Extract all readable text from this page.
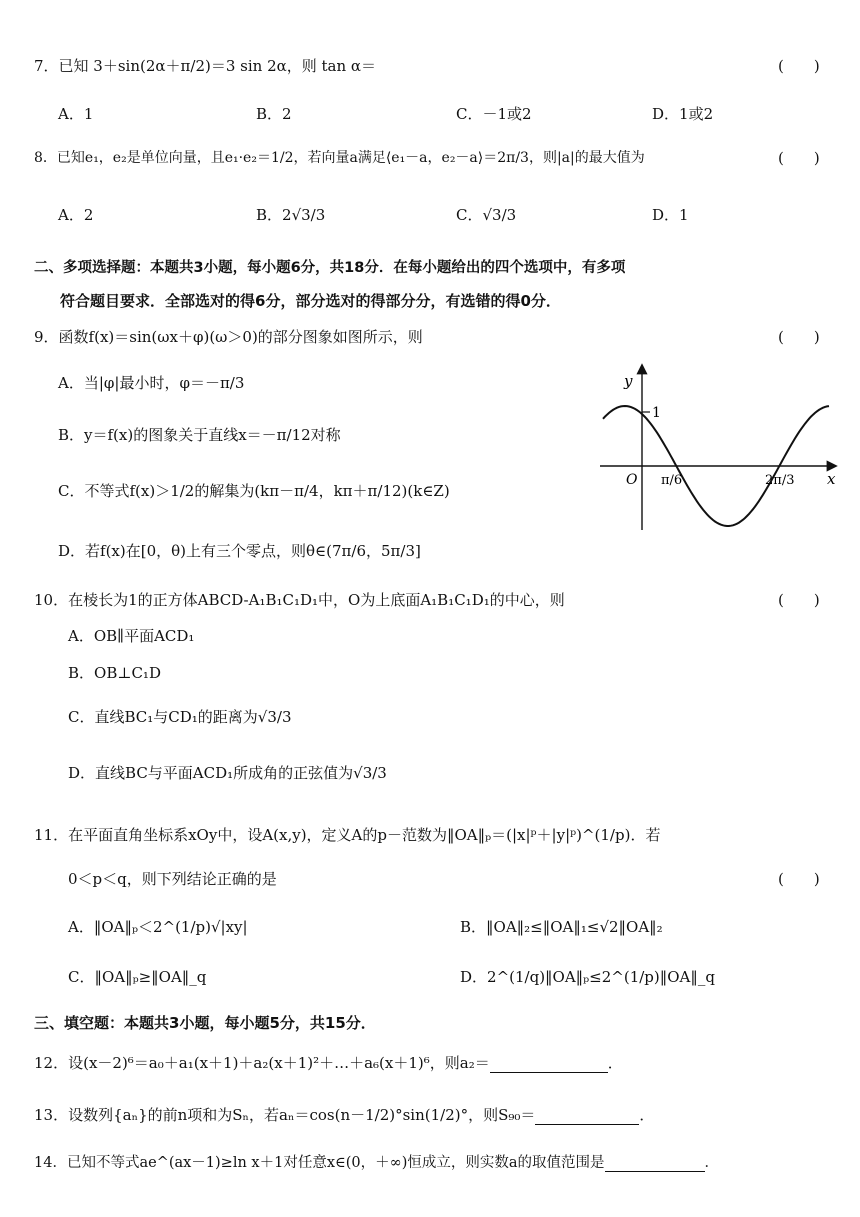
7．已知 3＋sin(2α＋π/2)＝3 sin 2α，则 tan α＝	(　　)
A．1	B．2	C．－1或2	D．1或2
8．已知e₁，e₂是单位向量，且e₁·e₂＝1/2，若向量a满足⟨e₁－a，e₂－a⟩＝2π/3，则|a|的最大值为	(　　)
A．2	B．2√3/3	C．√3/3	D．1
二、多项选择题：本题共3小题，每小题6分，共18分．在每小题给出的四个选项中，有多项
符合题目要求．全部选对的得6分，部分选对的得部分分，有选错的得0分．
9．函数f(x)＝sin(ωx＋φ)(ω＞0)的部分图象如图所示，则	(　　)
A．当|φ|最小时，φ＝－π/3
B．y＝f(x)的图象关于直线x＝－π/12对称
C．不等式f(x)＞1/2的解集为(kπ－π/4，kπ＋π/12)(k∈Z)
D．若f(x)在[0，θ)上有三个零点，则θ∈(7π/6，5π/3]
y
x
O
1
π/6	2π/3
10．在棱长为1的正方体ABCD-A₁B₁C₁D₁中，O为上底面A₁B₁C₁D₁的中心，则	(　　)
A．OB∥平面ACD₁
B．OB⊥C₁D
C．直线BC₁与CD₁的距离为√3/3
D．直线BC与平面ACD₁所成角的正弦值为√3/3
11．在平面直角坐标系xOy中，设A(x,y)，定义A的p－范数为‖OA‖ₚ＝(|x|ᵖ＋|y|ᵖ)^(1/p)．若
0＜p＜q，则下列结论正确的是	(　　)
A．‖OA‖ₚ＜2^(1/p)√|xy|	B．‖OA‖₂≤‖OA‖₁≤√2‖OA‖₂
C．‖OA‖ₚ≥‖OA‖_q	D．2^(1/q)‖OA‖ₚ≤2^(1/p)‖OA‖_q
三、填空题：本题共3小题，每小题5分，共15分．
12．设(x－2)⁶＝a₀＋a₁(x＋1)＋a₂(x＋1)²＋…＋a₆(x＋1)⁶，则a₂＝	．
13．设数列{aₙ}的前n项和为Sₙ，若aₙ＝cos(n－1/2)°sin(1/2)°，则S₉₀＝	．
14．已知不等式ae^(ax－1)≥ln x＋1对任意x∈(0，＋∞)恒成立，则实数a的取值范围是	．
